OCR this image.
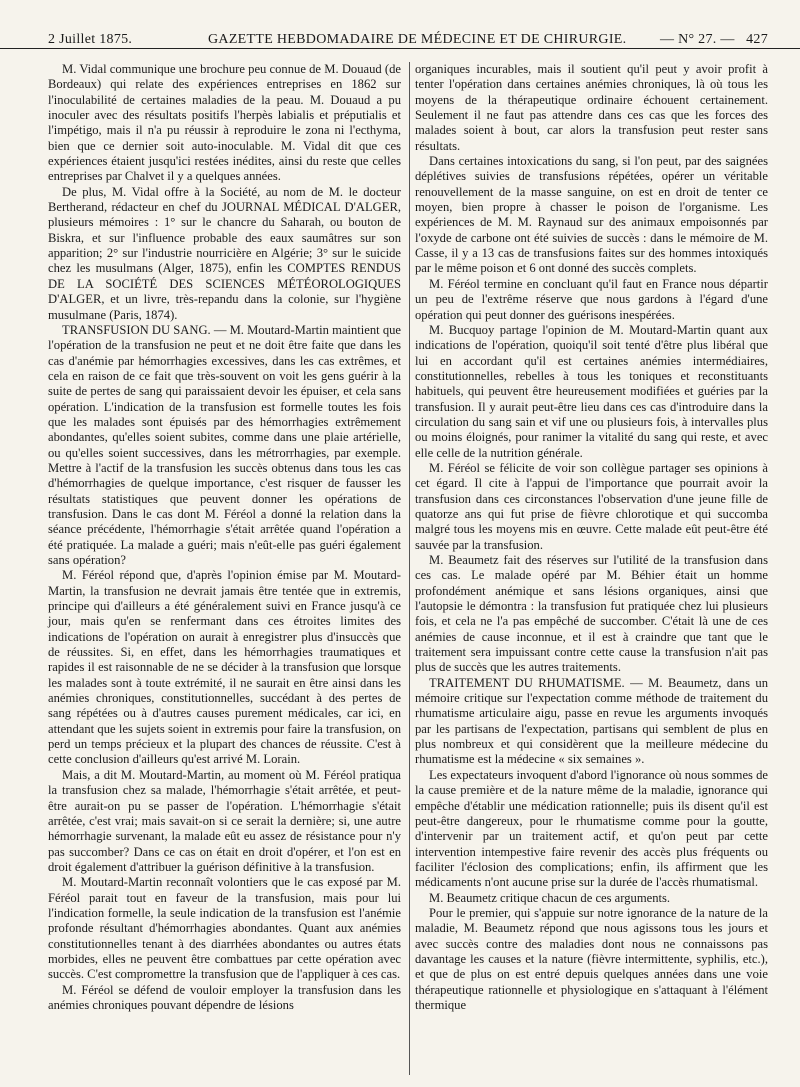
2 Juillet 1875.	GAZETTE HEBDOMADAIRE DE MÉDECINE ET DE CHIRURGIE. — N° 27. — 427

M. Vidal communique une brochure peu connue de M. Douaud (de Bordeaux) qui relate des expériences entreprises en 1862 sur l'inoculabilité de certaines maladies de la peau. M. Douaud a pu inoculer avec des résultats positifs l'herpès labialis et préputialis et l'impétigo, mais il n'a pu réussir à reproduire le zona ni l'ecthyma, bien que ce dernier soit auto-inoculable. M. Vidal dit que ces expériences étaient jusqu'ici restées inédites, ainsi du reste que celles entreprises par Chalvet il y a quelques années.

De plus, M. Vidal offre à la Société, au nom de M. le docteur Bertherand, rédacteur en chef du JOURNAL MÉDICAL D'ALGER, plusieurs mémoires : 1° sur le chancre du Saharah, ou bouton de Biskra, et sur l'influence probable des eaux saumâtres sur son apparition; 2° sur l'industrie nourricière en Algérie; 3° sur le suicide chez les musulmans (Alger, 1875), enfin les COMPTES RENDUS DE LA SOCIÉTÉ DES SCIENCES MÉTÉOROLOGIQUES D'ALGER, et un livre, très-repandu dans la colonie, sur l'hygiène musulmane (Paris, 1874).

TRANSFUSION DU SANG. — M. Moutard-Martin maintient que l'opération de la transfusion ne peut et ne doit être faite que dans les cas d'anémie par hémorrhagies excessives, dans les cas extrêmes, et cela en raison de ce fait que très-souvent on voit les gens guérir à la suite de pertes de sang qui paraissaient devoir les épuiser, et cela sans opération. L'indication de la transfusion est formelle toutes les fois que les malades sont épuisés par des hémorrhagies extrêmement abondantes, qu'elles soient subites, comme dans une plaie artérielle, ou qu'elles soient successives, dans les métrorrhagies, par exemple. Mettre à l'actif de la transfusion les succès obtenus dans tous les cas d'hémorrhagies de quelque importance, c'est risquer de fausser les résultats statistiques que peuvent donner les opérations de transfusion. Dans le cas dont M. Féréol a donné la relation dans la séance précédente, l'hémorrhagie s'était arrêtée quand l'opération a été pratiquée. La malade a guéri; mais n'eût-elle pas guéri également sans opération?

M. Féréol répond que, d'après l'opinion émise par M. Moutard-Martin, la transfusion ne devrait jamais être tentée que in extremis, principe qui d'ailleurs a été généralement suivi en France jusqu'à ce jour, mais qu'en se renfermant dans ces étroites limites des indications de l'opération on aurait à enregistrer plus d'insuccès que de réussites. Si, en effet, dans les hémorrhagies traumatiques et rapides il est raisonnable de ne se décider à la transfusion que lorsque les malades sont à toute extrémité, il ne saurait en être ainsi dans les anémies chroniques, constitutionnelles, succédant à des pertes de sang répétées ou à d'autres causes purement médicales, car ici, en attendant que les sujets soient in extremis pour faire la transfusion, on perd un temps précieux et la plupart des chances de réussite. C'est à cette conclusion d'ailleurs qu'est arrivé M. Lorain.

Mais, a dit M. Moutard-Martin, au moment où M. Féréol pratiqua la transfusion chez sa malade, l'hémorrhagie s'était arrêtée, et peut-être aurait-on pu se passer de l'opération. L'hémorrhagie s'était arrêtée, c'est vrai; mais savait-on si ce serait la dernière; si, une autre hémorrhagie survenant, la malade eût eu assez de résistance pour n'y pas succomber? Dans ce cas on était en droit d'opérer, et l'on est en droit également d'attribuer la guérison définitive à la transfusion.

M. Moutard-Martin reconnaît volontiers que le cas exposé par M. Féréol parait tout en faveur de la transfusion, mais pour lui l'indication formelle, la seule indication de la transfusion est l'anémie profonde résultant d'hémorrhagies abondantes. Quant aux anémies constitutionnelles tenant à des diarrhées abondantes ou autres états morbides, elles ne peuvent être combattues par cette opération avec succès. C'est compromettre la transfusion que de l'appliquer à ces cas.

M. Féréol se défend de vouloir employer la transfusion dans les anémies chroniques pouvant dépendre de lésions

organiques incurables, mais il soutient qu'il peut y avoir profit à tenter l'opération dans certaines anémies chroniques, là où tous les moyens de la thérapeutique ordinaire échouent certainement. Seulement il ne faut pas attendre dans ces cas que les forces des malades soient à bout, car alors la transfusion peut rester sans résultats.

Dans certaines intoxications du sang, si l'on peut, par des saignées déplétives suivies de transfusions répétées, opérer un véritable renouvellement de la masse sanguine, on est en droit de tenter ce moyen, bien propre à chasser le poison de l'organisme. Les expériences de M. M. Raynaud sur des animaux empoisonnés par l'oxyde de carbone ont été suivies de succès : dans le mémoire de M. Casse, il y a 13 cas de transfusions faites sur des hommes intoxiqués par le même poison et 6 ont donné des succès complets.

M. Féréol termine en concluant qu'il faut en France nous départir un peu de l'extrême réserve que nous gardons à l'égard d'une opération qui peut donner des guérisons inespérées.

M. Bucquoy partage l'opinion de M. Moutard-Martin quant aux indications de l'opération, quoiqu'il soit tenté d'être plus libéral que lui en accordant qu'il est certaines anémies intermédiaires, constitutionnelles, rebelles à tous les toniques et reconstituants habituels, qui peuvent être heureusement modifiées et guéries par la transfusion. Il y aurait peut-être lieu dans ces cas d'introduire dans la circulation du sang sain et vif une ou plusieurs fois, à intervalles plus ou moins éloignés, pour ranimer la vitalité du sang qui reste, et avec elle celle de la nutrition générale.

M. Féréol se félicite de voir son collègue partager ses opinions à cet égard. Il cite à l'appui de l'importance que pourrait avoir la transfusion dans ces circonstances l'observation d'une jeune fille de quatorze ans qui fut prise de fièvre chlorotique et qui succomba malgré tous les moyens mis en œuvre. Cette malade eût peut-être été sauvée par la transfusion.

M. Beaumetz fait des réserves sur l'utilité de la transfusion dans ces cas. Le malade opéré par M. Béhier était un homme profondément anémique et sans lésions organiques, ainsi que l'autopsie le démontra : la transfusion fut pratiquée chez lui plusieurs fois, et cela ne l'a pas empêché de succomber. C'était là une de ces anémies de cause inconnue, et il est à craindre que tant que le traitement sera impuissant contre cette cause la transfusion n'ait pas plus de succès que les autres traitements.

TRAITEMENT DU RHUMATISME. — M. Beaumetz, dans un mémoire critique sur l'expectation comme méthode de traitement du rhumatisme articulaire aigu, passe en revue les arguments invoqués par les partisans de l'expectation, partisans qui semblent de plus en plus nombreux et qui considèrent que la meilleure médecine du rhumatisme est la médecine « six semaines ».

Les expectateurs invoquent d'abord l'ignorance où nous sommes de la cause première et de la nature même de la maladie, ignorance qui empêche d'établir une médication rationnelle; puis ils disent qu'il est peut-être dangereux, pour le rhumatisme comme pour la goutte, d'intervenir par un traitement actif, et qu'on peut par cette intervention intempestive faire revenir des accès plus fréquents ou faciliter l'éclosion des complications; enfin, ils affirment que les médicaments n'ont aucune prise sur la durée de l'accès rhumatismal.

M. Beaumetz critique chacun de ces arguments.

Pour le premier, qui s'appuie sur notre ignorance de la nature de la maladie, M. Beaumetz répond que nous agissons tous les jours et avec succès contre des maladies dont nous ne connaissons pas davantage les causes et la nature (fièvre intermittente, syphilis, etc.), et que de plus on est entré depuis quelques années dans une voie thérapeutique rationnelle et physiologique en s'attaquant à l'élément thermique
